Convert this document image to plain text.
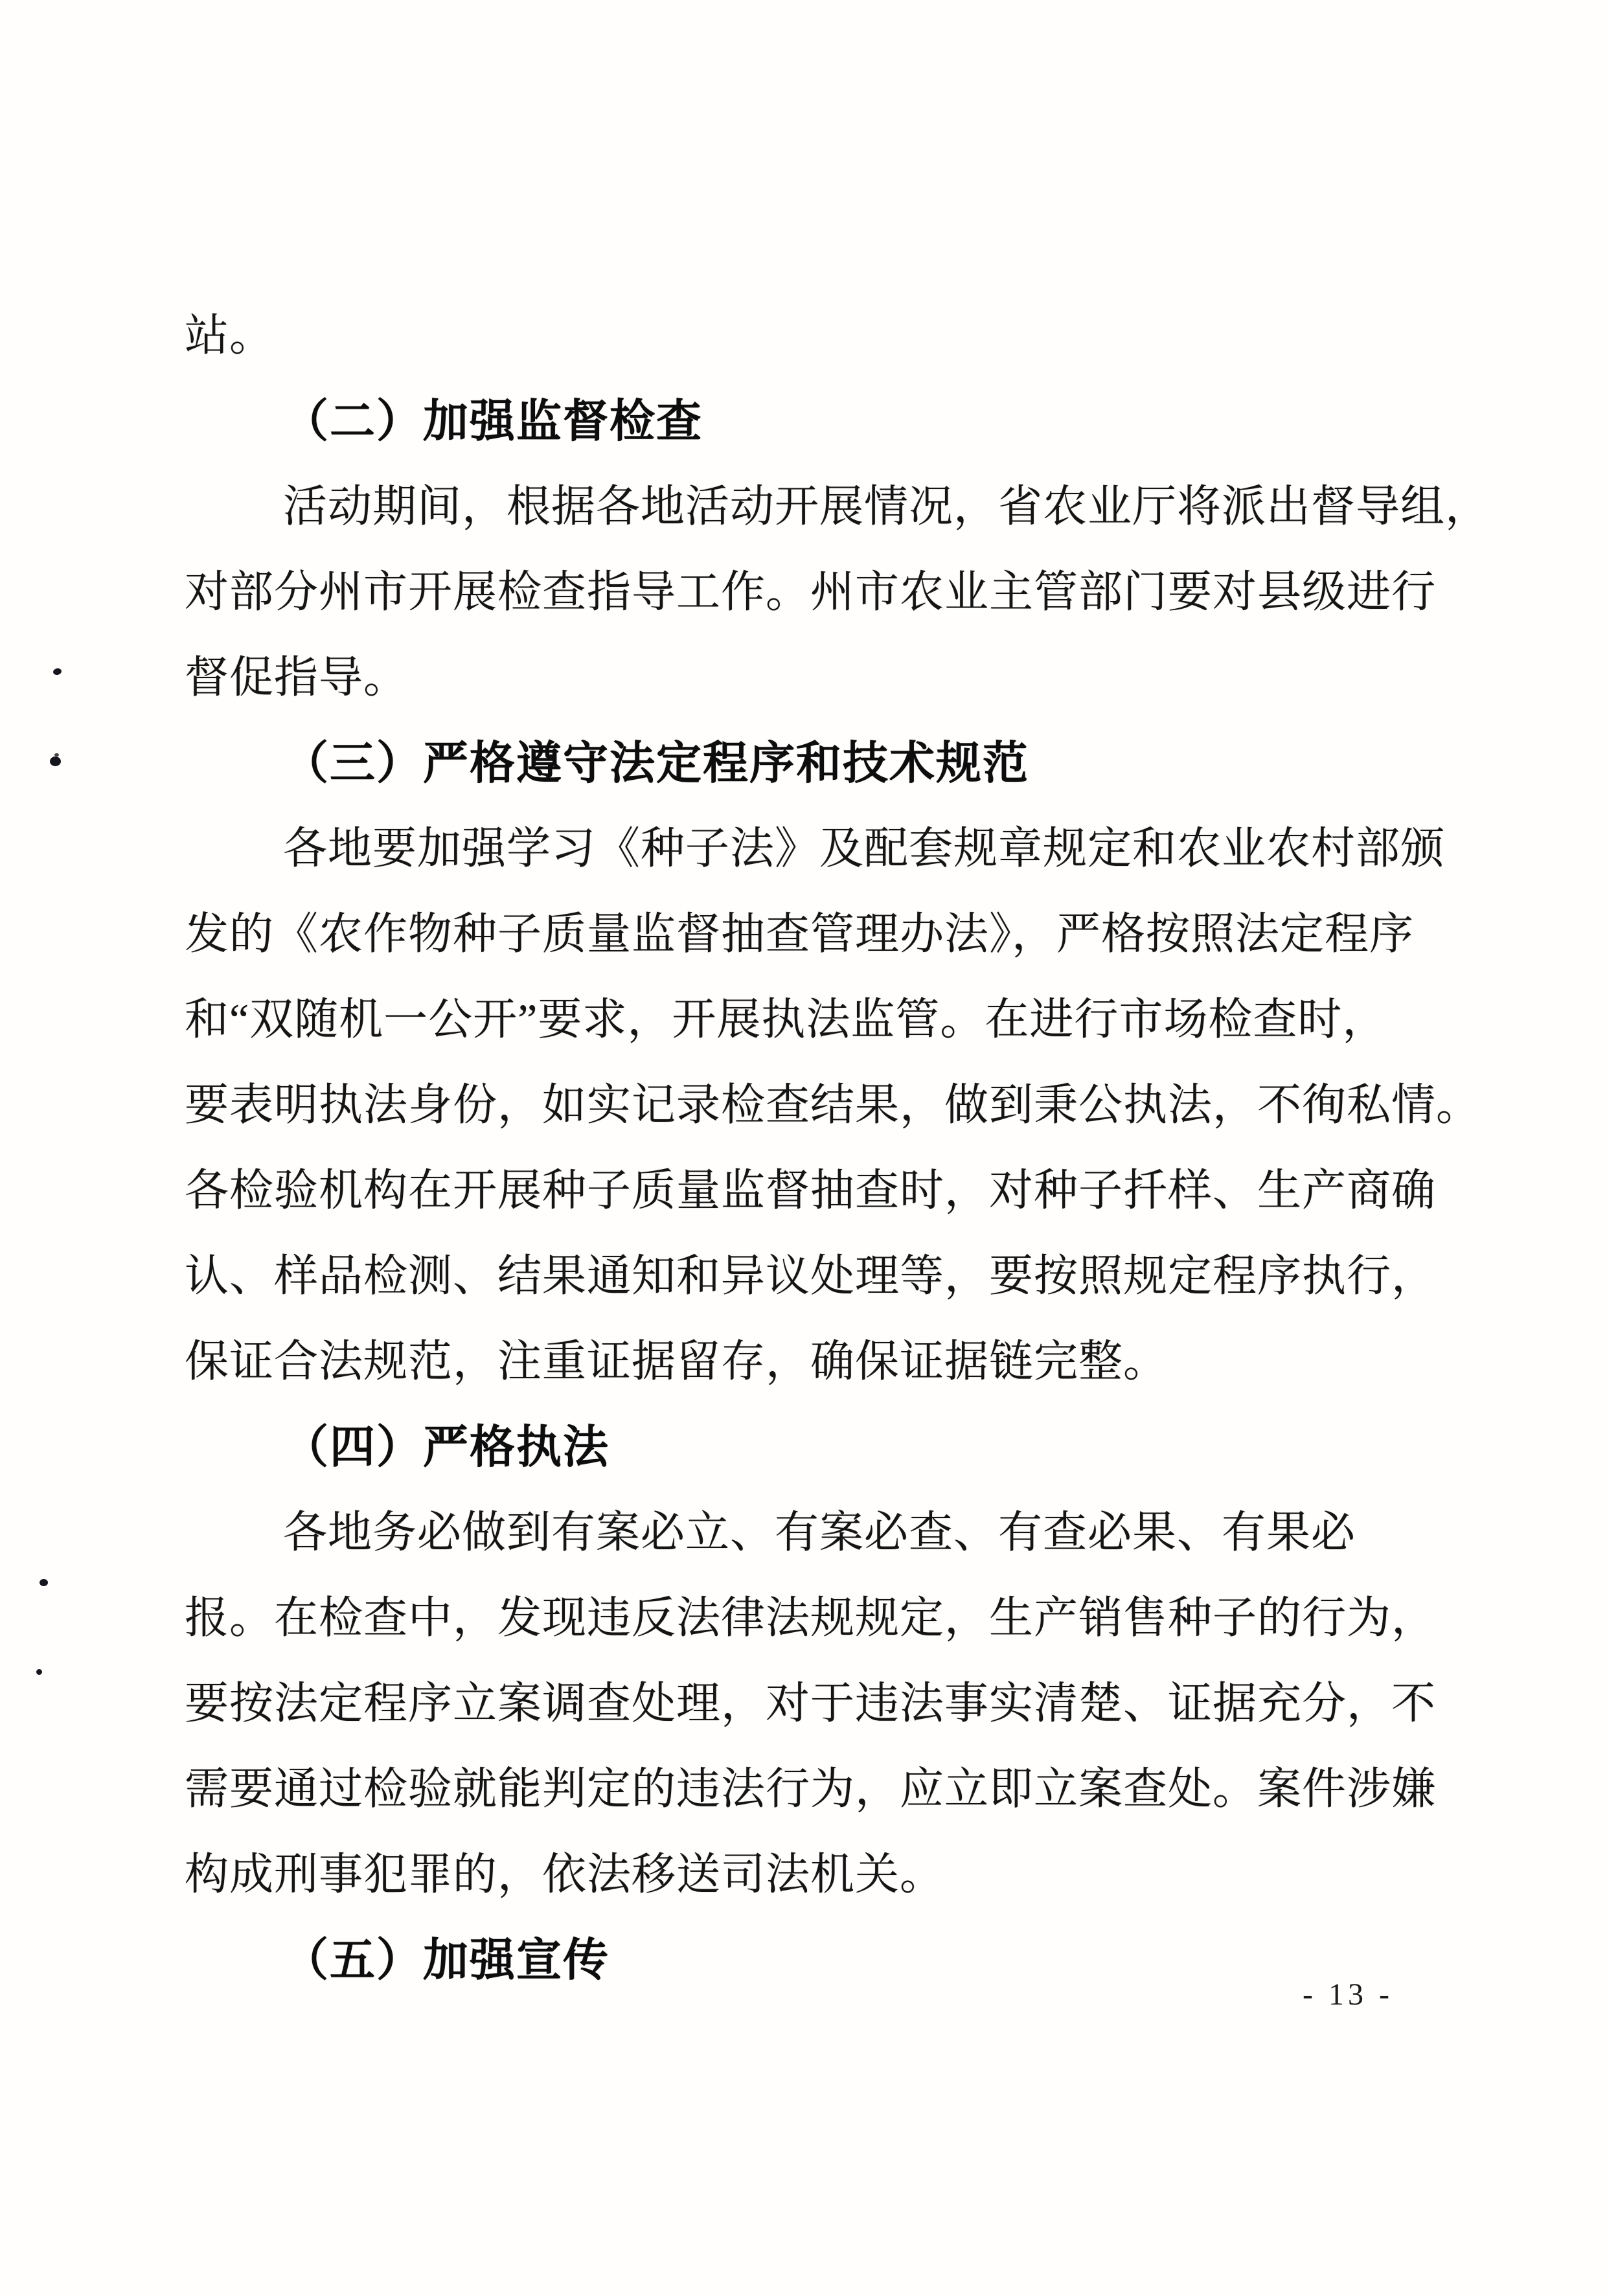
站。
（二）加强监督检查
活动期间，根据各地活动开展情况，省农业厅将派出督导组，
对部分州市开展检查指导工作。州市农业主管部门要对县级进行
督促指导。
（三）严格遵守法定程序和技术规范
各地要加强学习《种子法》及配套规章规定和农业农村部颁
发的《农作物种子质量监督抽查管理办法》，严格按照法定程序
和“双随机一公开”要求，开展执法监管。在进行市场检查时，
要表明执法身份，如实记录检查结果，做到秉公执法，不徇私情。
各检验机构在开展种子质量监督抽查时，对种子扦样、生产商确
认、样品检测、结果通知和异议处理等，要按照规定程序执行，
保证合法规范，注重证据留存，确保证据链完整。
（四）严格执法
各地务必做到有案必立、有案必查、有查必果、有果必
报。在检查中，发现违反法律法规规定，生产销售种子的行为，
要按法定程序立案调查处理，对于违法事实清楚、证据充分，不
需要通过检验就能判定的违法行为，应立即立案查处。案件涉嫌
构成刑事犯罪的，依法移送司法机关。
（五）加强宣传
- 13 -
